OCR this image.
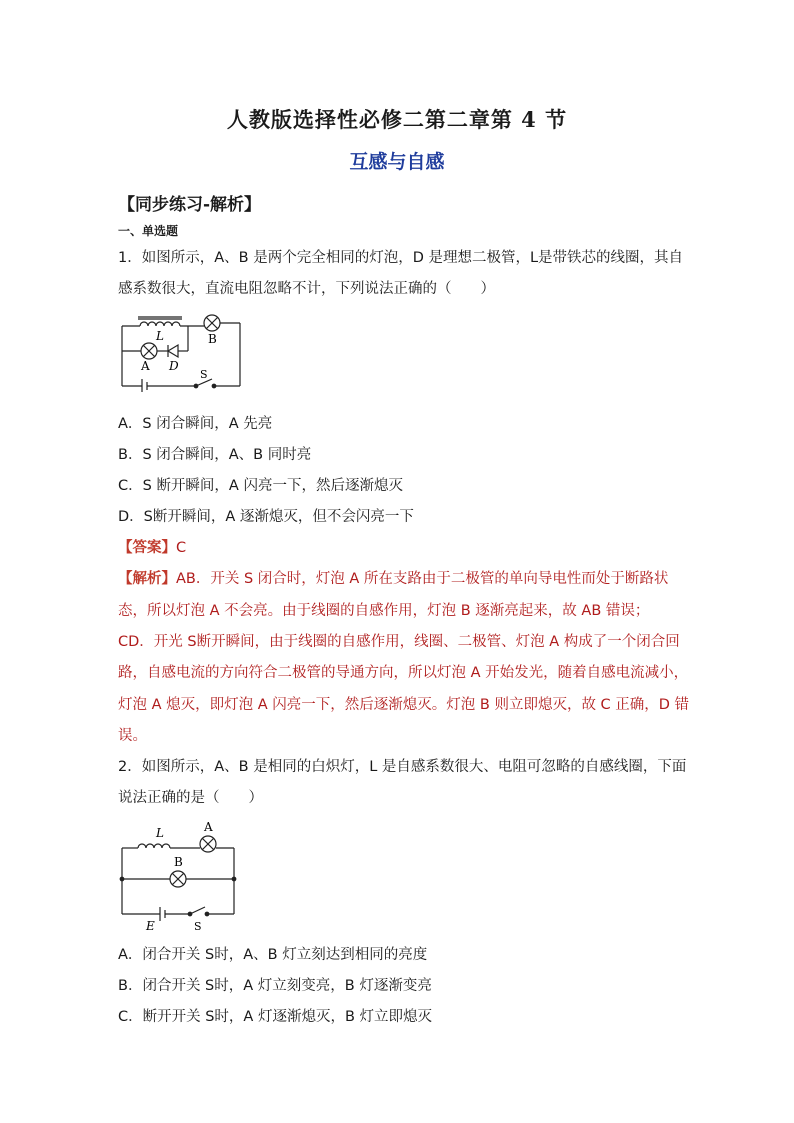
人教版选择性必修二第二章第 4 节
互感与自感
【同步练习-解析】
一、单选题
1．如图所示，A、B 是两个完全相同的灯泡，D 是理想二极管，L是带铁芯的线圈，其自
感系数很大，直流电阻忽略不计，下列说法正确的（　　）
L	B
A D
S
A．S 闭合瞬间，A 先亮
B．S 闭合瞬间，A、B 同时亮
C．S 断开瞬间，A 闪亮一下，然后逐渐熄灭
D．S断开瞬间，A 逐渐熄灭，但不会闪亮一下
【答案】C
【解析】AB．开关 S 闭合时，灯泡 A 所在支路由于二极管的单向导电性而处于断路状
态，所以灯泡 A 不会亮。由于线圈的自感作用，灯泡 B 逐渐亮起来，故 AB 错误；
CD．开光 S断开瞬间，由于线圈的自感作用，线圈、二极管、灯泡 A 构成了一个闭合回
路，自感电流的方向符合二极管的导通方向，所以灯泡 A 开始发光，随着自感电流减小，
灯泡 A 熄灭，即灯泡 A 闪亮一下，然后逐渐熄灭。灯泡 B 则立即熄灭，故 C 正确，D 错
误。
2．如图所示，A、B 是相同的白炽灯，L 是自感系数很大、电阻可忽略的自感线圈，下面
说法正确的是（　　）
L	A
B
E	S
A．闭合开关 S时，A、B 灯立刻达到相同的亮度
B．闭合开关 S时，A 灯立刻变亮，B 灯逐渐变亮
C．断开开关 S时，A 灯逐渐熄灭，B 灯立即熄灭
